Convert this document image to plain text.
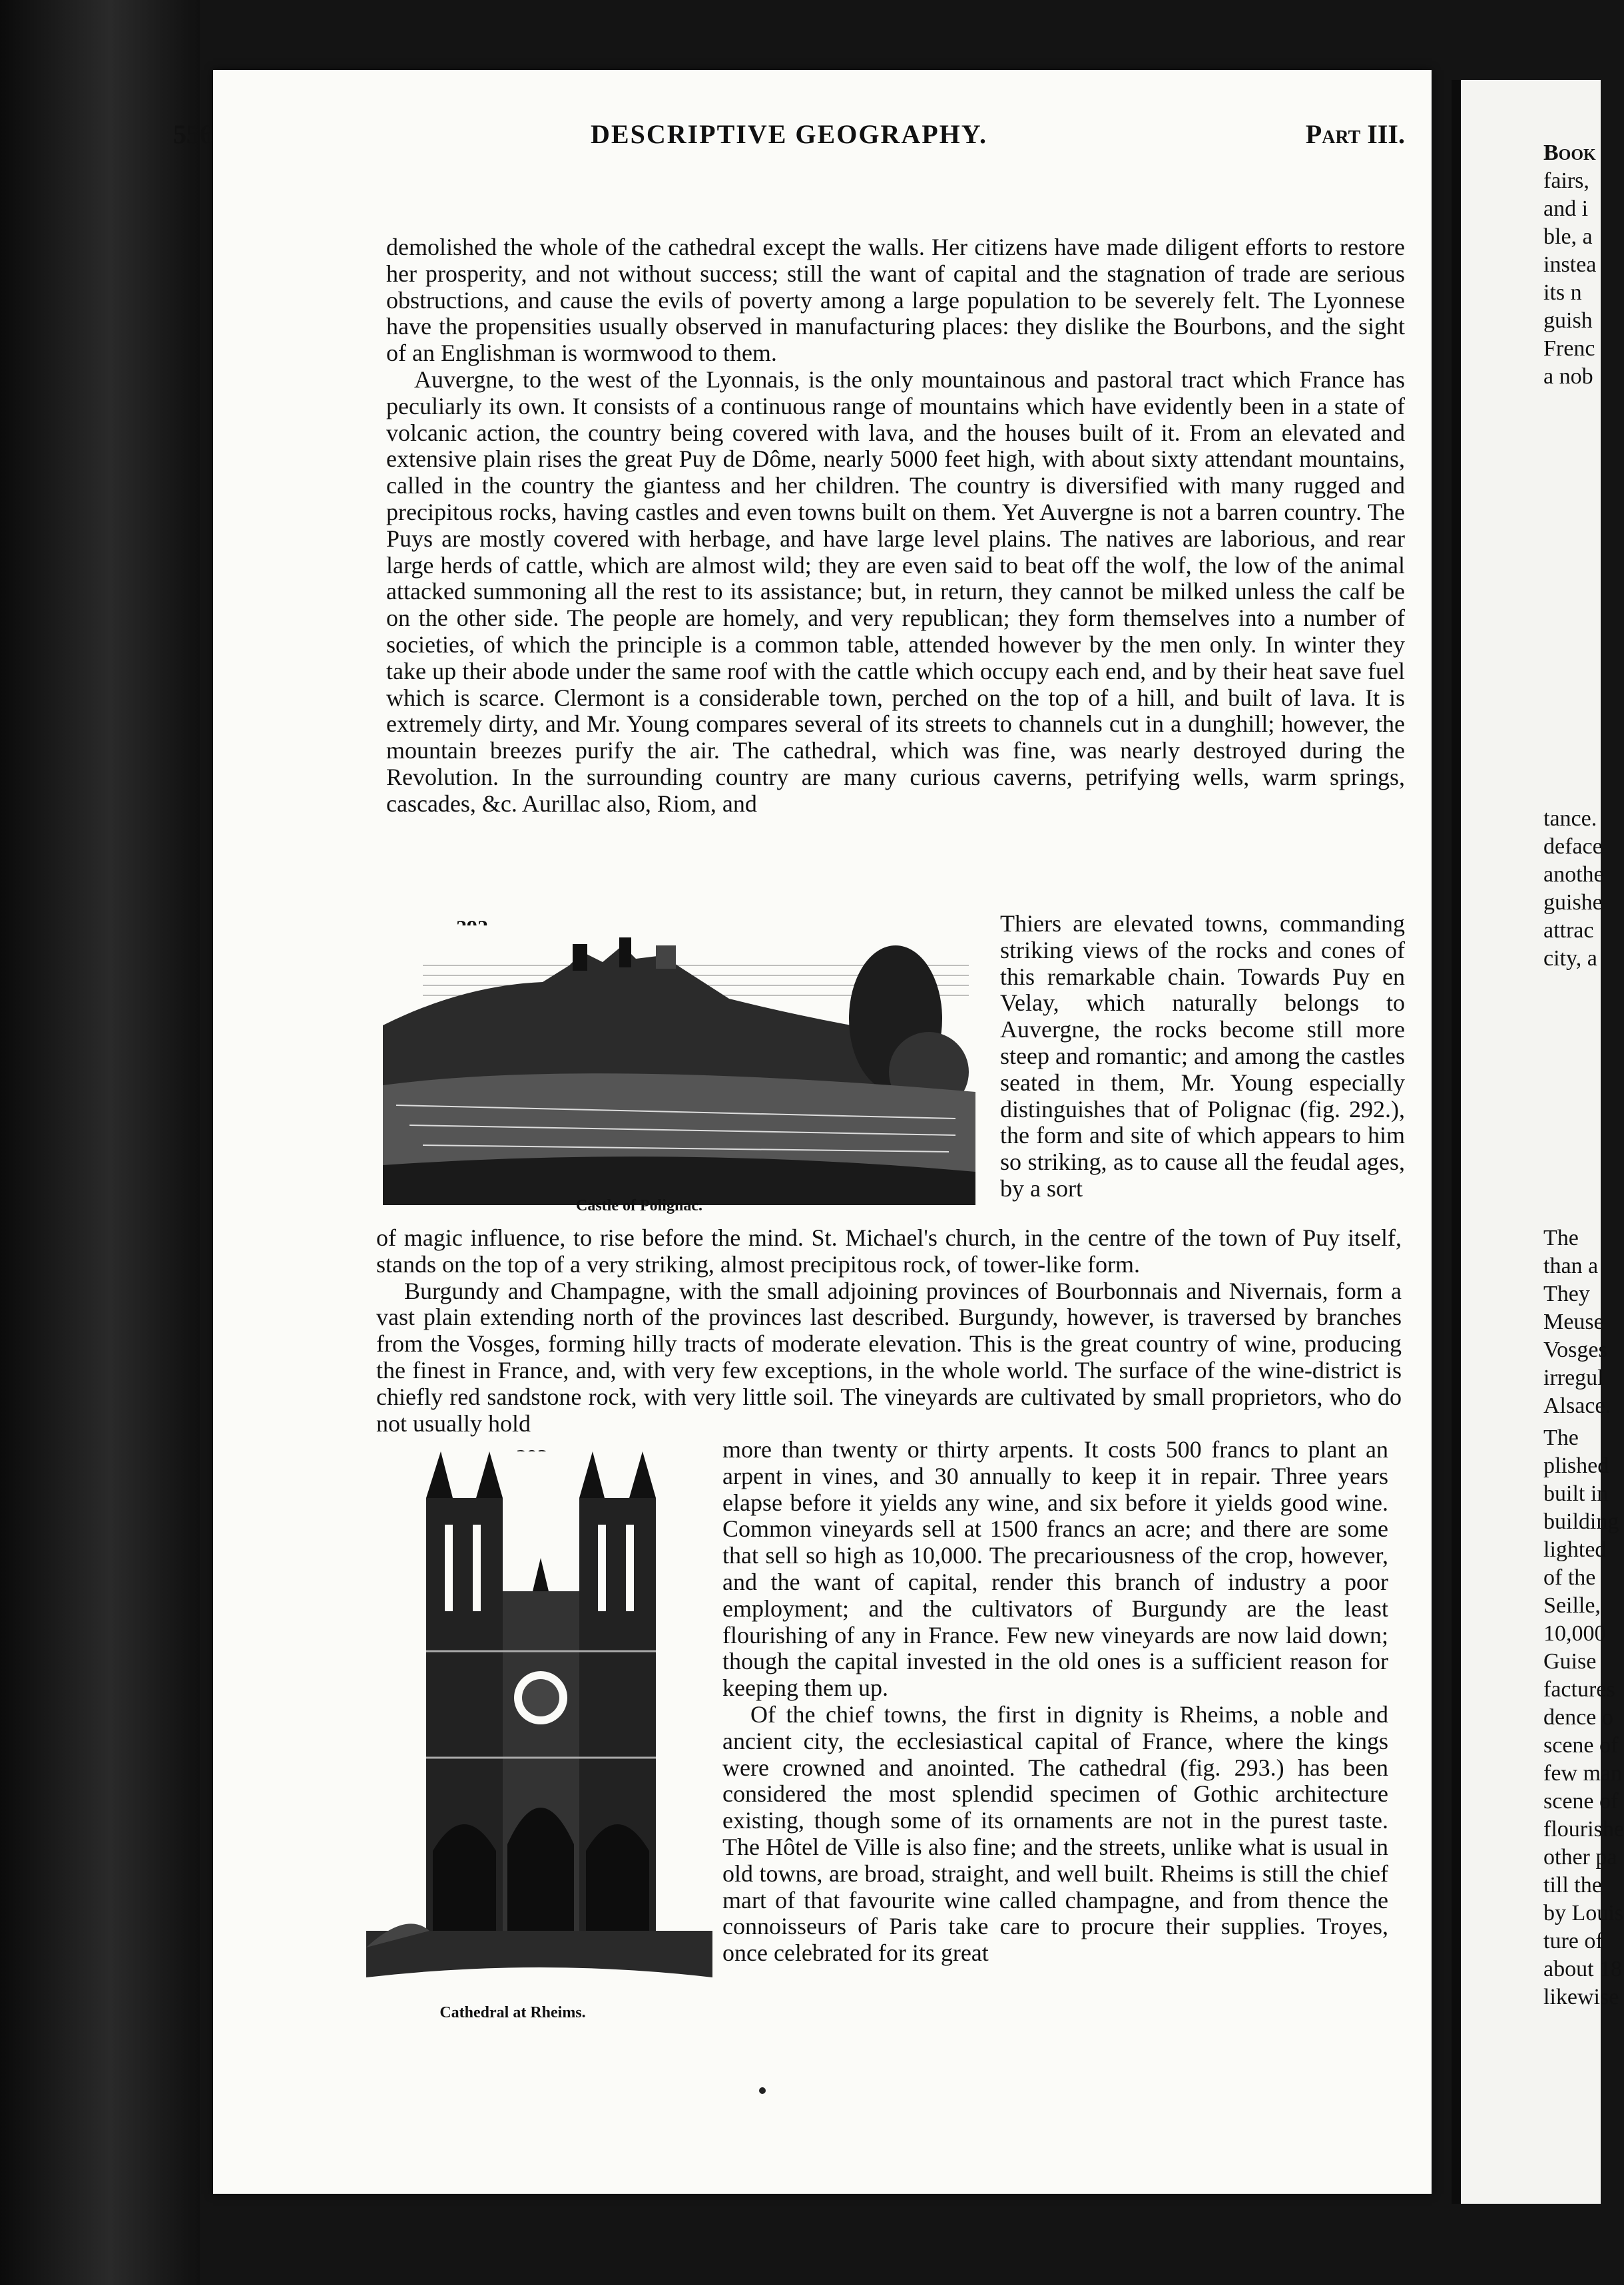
Book
fairs,
and i
ble, a
instea
its n
guish
Frenc
a nob
tance.
deface
anothe
guishe
attrac
city, a
The
than a
They
Meuse
Vosges
irregul
Alsace.
The
plished
built in
building
lighted
of the
Seille,
10,000
Guise
factures
dence o
scene of
few man
scene of
flourishe
other pa
till the
by Louis
ture of
about 18
likewise
556	DESCRIPTIVE GEOGRAPHY.	Part III.

demolished the whole of the cathedral except the walls. Her citizens have made diligent efforts to restore her prosperity, and not without success; still the want of capital and the stagnation of trade are serious obstructions, and cause the evils of poverty among a large population to be severely felt. The Lyonnese have the propensities usually observed in manufacturing places: they dislike the Bourbons, and the sight of an Englishman is wormwood to them.

Auvergne, to the west of the Lyonnais, is the only mountainous and pastoral tract which France has peculiarly its own. It consists of a continuous range of mountains which have evidently been in a state of volcanic action, the country being covered with lava, and the houses built of it. From an elevated and extensive plain rises the great Puy de Dôme, nearly 5000 feet high, with about sixty attendant mountains, called in the country the giantess and her children. The country is diversified with many rugged and precipitous rocks, having castles and even towns built on them. Yet Auvergne is not a barren country. The Puys are mostly covered with herbage, and have large level plains. The natives are laborious, and rear large herds of cattle, which are almost wild; they are even said to beat off the wolf, the low of the animal attacked summoning all the rest to its assistance; but, in return, they cannot be milked unless the calf be on the other side. The people are homely, and very republican; they form themselves into a number of societies, of which the principle is a common table, attended however by the men only. In winter they take up their abode under the same roof with the cattle which occupy each end, and by their heat save fuel which is scarce. Clermont is a considerable town, perched on the top of a hill, and built of lava. It is extremely dirty, and Mr. Young compares several of its streets to channels cut in a dunghill; however, the mountain breezes purify the air. The cathedral, which was fine, was nearly destroyed during the Revolution. In the surrounding country are many curious caverns, petrifying wells, warm springs, cascades, &c. Aurillac also, Riom, and

Castle of Polignac.

Thiers are elevated towns, commanding striking views of the rocks and cones of this remarkable chain. Towards Puy en Velay, which naturally belongs to Auvergne, the rocks become still more steep and romantic; and among the castles seated in them, Mr. Young especially distinguishes that of Polignac (fig. 292.), the form and site of which appears to him so striking, as to cause all the feudal ages, by a sort

of magic influence, to rise before the mind. St. Michael's church, in the centre of the town of Puy itself, stands on the top of a very striking, almost precipitous rock, of tower-like form.

Burgundy and Champagne, with the small adjoining provinces of Bourbonnais and Nivernais, form a vast plain extending north of the provinces last described. Burgundy, however, is traversed by branches from the Vosges, forming hilly tracts of moderate elevation. This is the great country of wine, producing the finest in France, and, with very few exceptions, in the whole world. The surface of the wine-district is chiefly red sandstone rock, with very little soil. The vineyards are cultivated by small proprietors, who do not usually hold

Cathedral at Rheims.

more than twenty or thirty arpents. It costs 500 francs to plant an arpent in vines, and 30 annually to keep it in repair. Three years elapse before it yields any wine, and six before it yields good wine. Common vineyards sell at 1500 francs an acre; and there are some that sell so high as 10,000. The precariousness of the crop, however, and the want of capital, render this branch of industry a poor employment; and the cultivators of Burgundy are the least flourishing of any in France. Few new vineyards are now laid down; though the capital invested in the old ones is a sufficient reason for keeping them up.

Of the chief towns, the first in dignity is Rheims, a noble and ancient city, the ecclesiastical capital of France, where the kings were crowned and anointed. The cathedral (fig. 293.) has been considered the most splendid specimen of Gothic architecture existing, though some of its ornaments are not in the purest taste. The Hôtel de Ville is also fine; and the streets, unlike what is usual in old towns, are broad, straight, and well built. Rheims is still the chief mart of that favourite wine called champagne, and from thence the connoisseurs of Paris take care to procure their supplies. Troyes, once celebrated for its great
